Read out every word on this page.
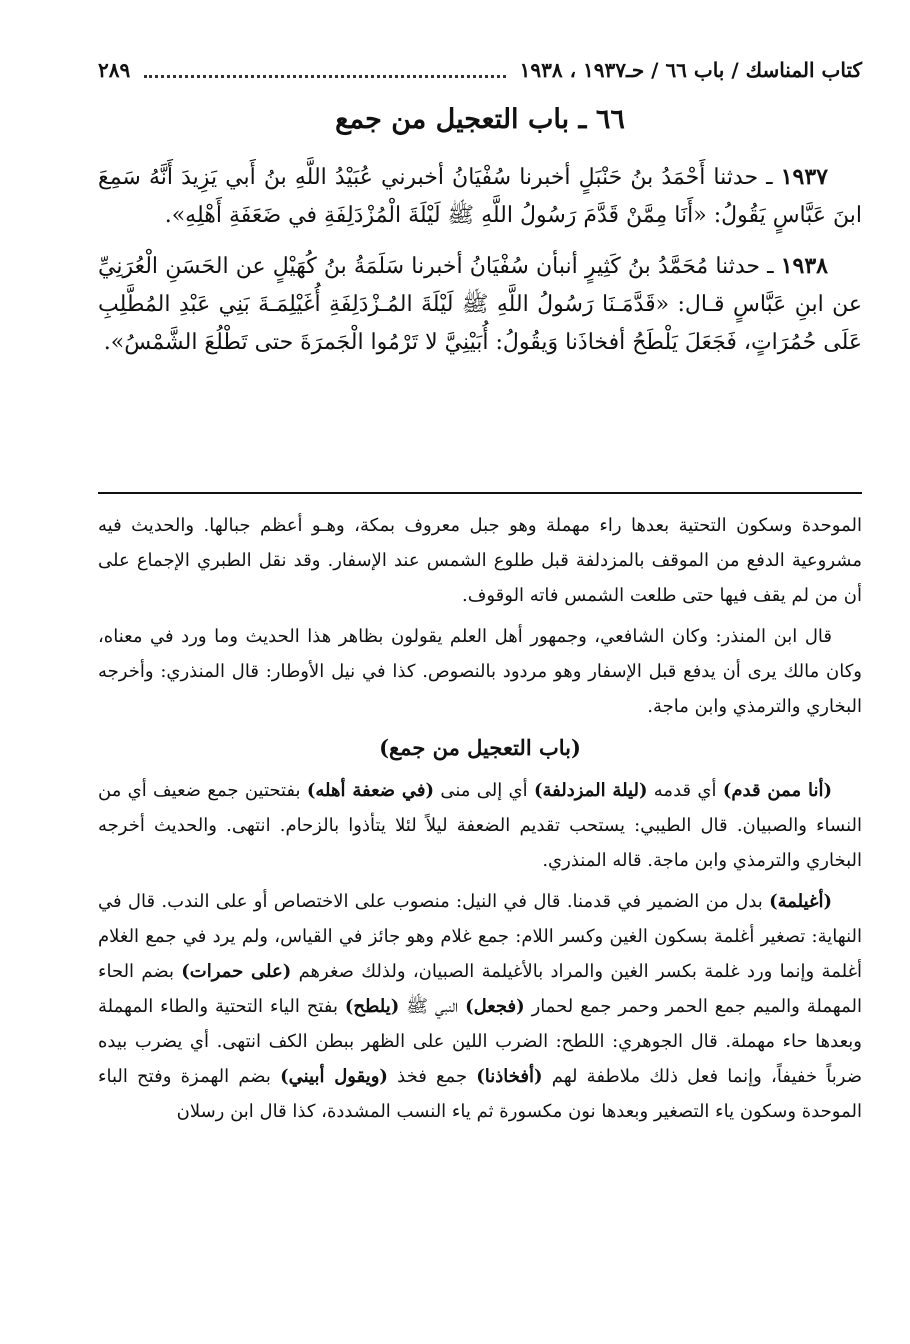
كتاب المناسك / باب ٦٦ / حـ١٩٣٧ ، ١٩٣٨
٢٨٩
٦٦ ـ باب التعجيل من جمع

١٩٣٧ ـ حدثنا أَحْمَدُ بنُ حَنْبَلٍ أخبرنا سُفْيَانُ أخبرني عُبَيْدُ اللَّهِ بنُ أَبي يَزِيدَ أَنَّهُ سَمِعَ ابنَ عَبَّاسٍ يَقُولُ: «أَنَا مِمَّنْ قَدَّمَ رَسُولُ اللَّهِ ﷺ لَيْلَةَ الْمُزْدَلِفَةِ في ضَعَفَةِ أَهْلِهِ».

١٩٣٨ ـ حدثنا مُحَمَّدُ بنُ كَثِيرٍ أنبأن سُفْيَانُ أخبرنا سَلَمَةُ بنُ كُهَيْلٍ عن الحَسَنِ الْعُرَنِيِّ عن ابنِ عَبَّاسٍ قـال: «قَدَّمَـنَا رَسُولُ اللَّهِ ﷺ لَيْلَةَ المُـزْدَلِفَةِ أُغَيْلِمَـةَ بَنِي عَبْدِ المُطَّلِبِ عَلَى حُمُرَاتٍ، فَجَعَلَ يَلْطَحُ أفخاذَنا وَيقُولُ: أُبَيْنِيَّ لا تَرْمُوا الْجَمرَةَ حتى تَطْلُعَ الشَّمْسُ».

الموحدة وسكون التحتية بعدها راء مهملة وهو جبل معروف بمكة، وهـو أعظم جبالها. والحديث فيه مشروعية الدفع من الموقف بالمزدلفة قبل طلوع الشمس عند الإسفار. وقد نقل الطبري الإجماع على أن من لم يقف فيها حتى طلعت الشمس فاته الوقوف.

قال ابن المنذر: وكان الشافعي، وجمهور أهل العلم يقولون بظاهر هذا الحديث وما ورد في معناه، وكان مالك يرى أن يدفع قبل الإسفار وهو مردود بالنصوص. كذا في نيل الأوطار: قال المنذري: وأخرجه البخاري والترمذي وابن ماجة.

(باب التعجيل من جمع)

(أنا ممن قدم) أي قدمه (ليلة المزدلفة) أي إلى منى (في ضعفة أهله) بفتحتين جمع ضعيف أي من النساء والصبيان. قال الطيبي: يستحب تقديم الضعفة ليلاً لئلا يتأذوا بالزحام. انتهى. والحديث أخرجه البخاري والترمذي وابن ماجة. قاله المنذري.

(أغيلمة) بدل من الضمير في قدمنا. قال في النيل: منصوب على الاختصاص أو على الندب. قال في النهاية: تصغير أغلمة بسكون الغين وكسر اللام: جمع غلام وهو جائز في القياس، ولم يرد في جمع الغلام أغلمة وإنما ورد غلمة بكسر الغين والمراد بالأغيلمة الصبيان، ولذلك صغرهم (على حمرات) بضم الحاء المهملة والميم جمع الحمر وحمر جمع لحمار (فجعل) النبي ﷺ (يلطح) بفتح الياء التحتية والطاء المهملة وبعدها حاء مهملة. قال الجوهري: اللطح: الضرب اللين على الظهر ببطن الكف انتهى. أي يضرب بيده ضرباً خفيفاً، وإنما فعل ذلك ملاطفة لهم (أفخاذنا) جمع فخذ (ويقول أبيني) بضم الهمزة وفتح الباء الموحدة وسكون ياء التصغير وبعدها نون مكسورة ثم ياء النسب المشددة، كذا قال ابن رسلان
